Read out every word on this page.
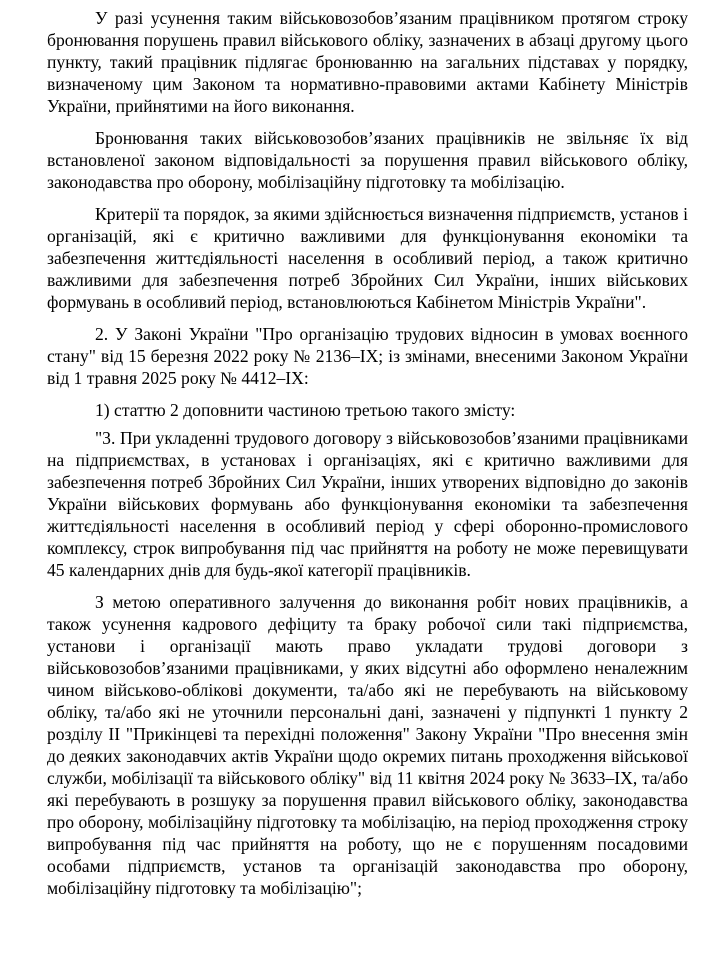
У разі усунення таким військовозобов’язаним працівником протягом строку бронювання порушень правил військового обліку, зазначених в абзаці другому цього пункту, такий працівник підлягає бронюванню на загальних підставах у порядку, визначеному цим Законом та нормативно-правовими актами Кабінету Міністрів України, прийнятими на його виконання.

Бронювання таких військовозобов’язаних працівників не звільняє їх від встановленої законом відповідальності за порушення правил військового обліку, законодавства про оборону, мобілізаційну підготовку та мобілізацію.

Критерії та порядок, за якими здійснюється визначення підприємств, установ і організацій, які є критично важливими для функціонування економіки та забезпечення життєдіяльності населення в особливий період, а також критично важливими для забезпечення потреб Збройних Сил України, інших військових формувань в особливий період, встановлюються Кабінетом Міністрів України".

2. У Законі України "Про організацію трудових відносин в умовах воєнного стану" від 15 березня 2022 року № 2136–IX; із змінами, внесеними Законом України від 1 травня 2025 року № 4412–IX:

1) статтю 2 доповнити частиною третьою такого змісту:

"3. При укладенні трудового договору з військовозобов’язаними працівниками на підприємствах, в установах і організаціях, які є критично важливими для забезпечення потреб Збройних Сил України, інших утворених відповідно до законів України військових формувань або функціонування економіки та забезпечення життєдіяльності населення в особливий період у сфері оборонно-промислового комплексу, строк випробування під час прийняття на роботу не може перевищувати 45 календарних днів для будь-якої категорії працівників.

З метою оперативного залучення до виконання робіт нових працівників, а також усунення кадрового дефіциту та браку робочої сили такі підприємства, установи і організації мають право укладати трудові договори з військовозобов’язаними працівниками, у яких відсутні або оформлено неналежним чином військово-облікові документи, та/або які не перебувають на військовому обліку, та/або які не уточнили персональні дані, зазначені у підпункті 1 пункту 2 розділу II "Прикінцеві та перехідні положення" Закону України "Про внесення змін до деяких законодавчих актів України щодо окремих питань проходження військової служби, мобілізації та військового обліку" від 11 квітня 2024 року № 3633–IX, та/або які перебувають в розшуку за порушення правил військового обліку, законодавства про оборону, мобілізаційну підготовку та мобілізацію, на період проходження строку випробування під час прийняття на роботу, що не є порушенням посадовими особами підприємств, установ та організацій законодавства про оборону, мобілізаційну підготовку та мобілізацію";
